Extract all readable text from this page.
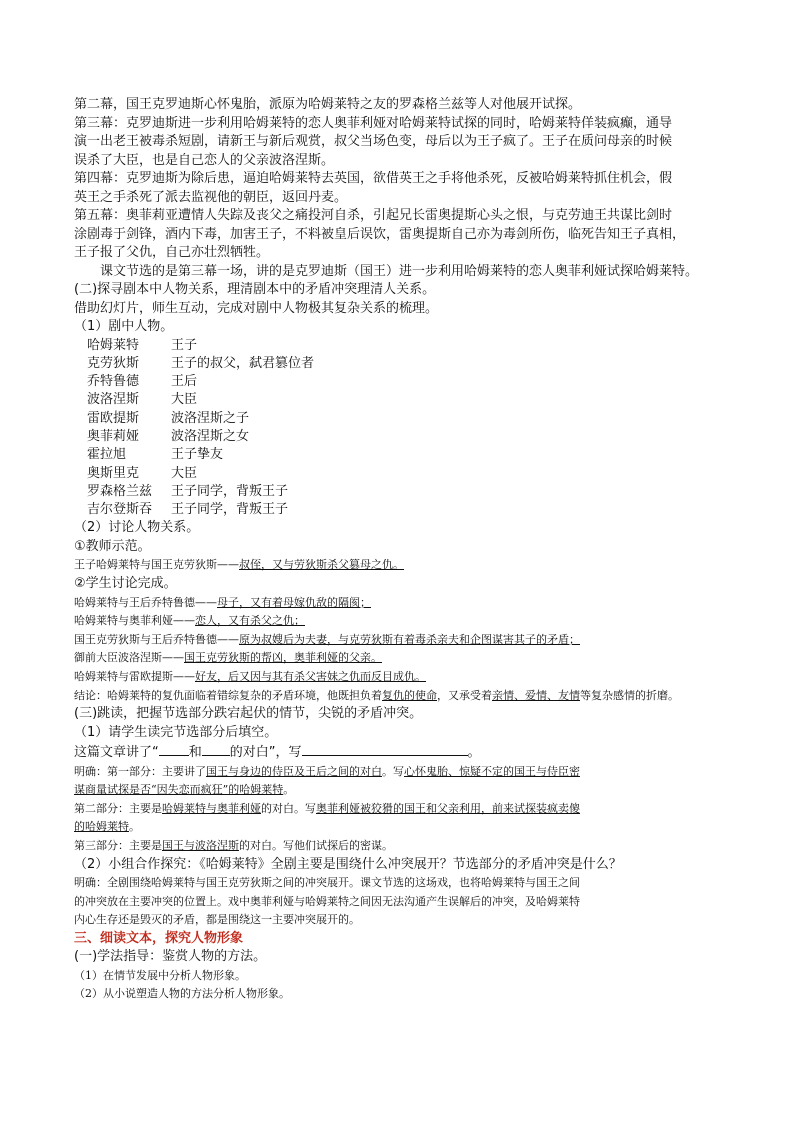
第二幕，国王克罗迪斯心怀鬼胎，派原为哈姆莱特之友的罗森格兰兹等人对他展开试探。

第三幕：克罗迪斯进一步利用哈姆莱特的恋人奥菲利娅对哈姆莱特试探的同时，哈姆莱特佯装疯癫，通导

演一出老王被毒杀短剧，请新王与新后观赏，叔父当场色变，母后以为王子疯了。王子在质问母亲的时候

误杀了大臣，也是自己恋人的父亲波洛涅斯。

第四幕：克罗迪斯为除后患，逼迫哈姆莱特去英国，欲借英王之手将他杀死，反被哈姆莱特抓住机会，假

英王之手杀死了派去监视他的朝臣，返回丹麦。

第五幕：奥菲莉亚遭情人失踪及丧父之痛投河自杀，引起兄长雷奥提斯心头之恨，与克劳迪王共谋比剑时

涂剧毒于剑锋，酒内下毒，加害王子，不料被皇后误饮，雷奥提斯自己亦为毒剑所伤，临死告知王子真相，

王子报了父仇，自己亦壮烈牺牲。

课文节选的是第三幕一场，讲的是克罗迪斯（国王）进一步利用哈姆莱特的恋人奥菲利娅试探哈姆莱特。

(二)探寻剧本中人物关系，理清剧本中的矛盾冲突理清人关系。

借助幻灯片，师生互动，完成对剧中人物极其复杂关系的梳理。

（1）剧中人物。

哈姆莱特	王子
克劳狄斯	王子的叔父，弑君篡位者
乔特鲁德	王后
波洛涅斯	大臣
雷欧提斯	波洛涅斯之子
奥菲莉娅	波洛涅斯之女
霍拉旭	王子挚友
奥斯里克	大臣
罗森格兰兹	王子同学，背叛王子
吉尔登斯吞	王子同学，背叛王子

（2）讨论人物关系。

①教师示范。

王子哈姆莱特与国王克劳狄斯——叔侄，又与劳狄斯杀父篡母之仇。

②学生讨论完成。

哈姆莱特与王后乔特鲁德——母子，又有着母嫁仇敌的隔阂；

哈姆莱特与奥菲利娅——恋人，又有杀父之仇；

国王克劳狄斯与王后乔特鲁德——原为叔嫂后为夫妻，与克劳狄斯有着毒杀亲夫和企图谋害其子的矛盾；

御前大臣波洛涅斯——国王克劳狄斯的帮凶，奥菲利娅的父亲。

哈姆莱特与雷欧提斯——好友，后又因与其有杀父害妹之仇而反目成仇。

结论：哈姆莱特的复仇面临着错综复杂的矛盾环境，他既担负着复仇的使命，又承受着亲情、爱情、友情等复杂感情的折磨。

(三)跳读，把握节选部分跌宕起伏的情节，尖锐的矛盾冲突。

（1）请学生读完节选部分后填空。

这篇文章讲了“ 和 的对白”，写	。

明确：第一部分：主要讲了国王与身边的侍臣及王后之间的对白。写心怀鬼胎、惊疑不定的国王与侍臣密

谋商量试探是否“因失恋而疯狂”的哈姆莱特。

第二部分：主要是哈姆莱特与奥菲利娅的对白。写奥菲利娅被狡猾的国王和父亲利用，前来试探装疯卖傻

的哈姆莱特。

第三部分：主要是国王与波洛涅斯的对白。写他们试探后的密谋。

（2）小组合作探究：《哈姆莱特》全剧主要是围绕什么冲突展开？节选部分的矛盾冲突是什么？

明确：全剧围绕哈姆莱特与国王克劳狄斯之间的冲突展开。课文节选的这场戏，也将哈姆莱特与国王之间

的冲突放在主要冲突的位置上。戏中奥菲利娅与哈姆莱特之间因无法沟通产生误解后的冲突，及哈姆莱特

内心生存还是毁灭的矛盾，都是围绕这一主要冲突展开的。

三、细读文本，探究人物形象

(一)学法指导：鉴赏人物的方法。

（1）在情节发展中分析人物形象。

（2）从小说塑造人物的方法分析人物形象。
